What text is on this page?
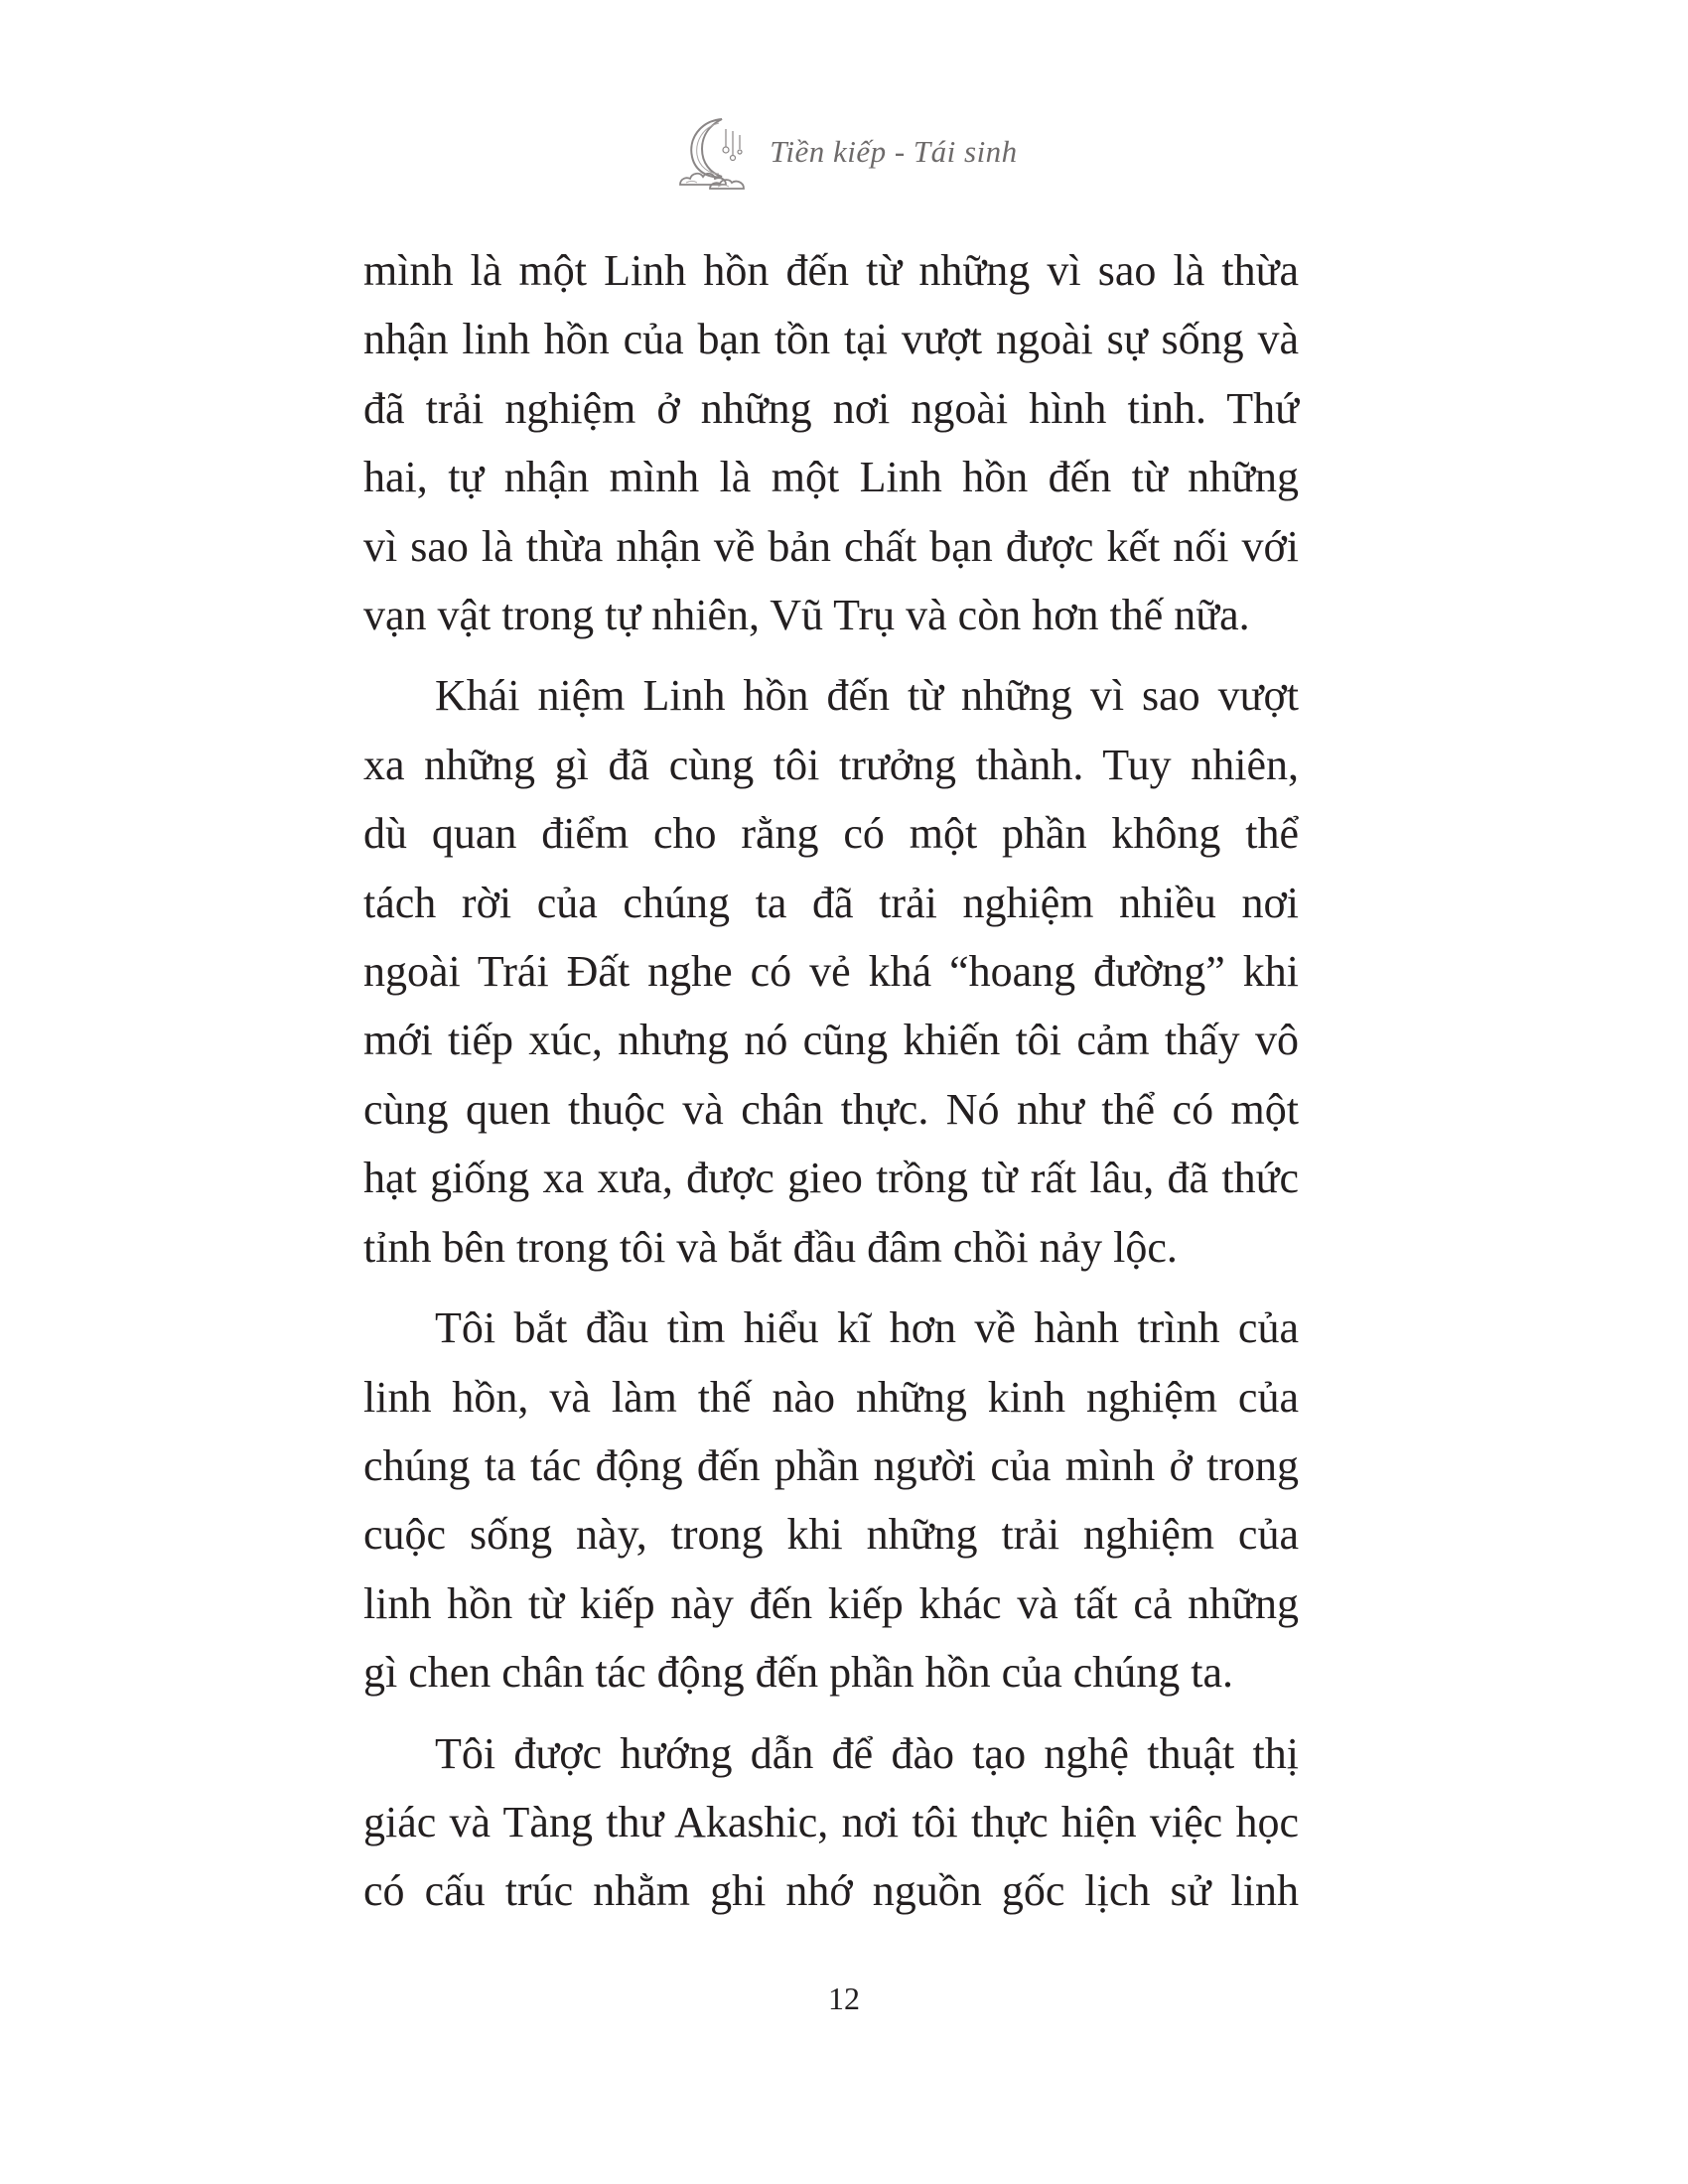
Tiền kiếp - Tái sinh

mình là một Linh hồn đến từ những vì sao là thừa
nhận linh hồn của bạn tồn tại vượt ngoài sự sống và
đã trải nghiệm ở những nơi ngoài hình tinh. Thứ
hai, tự nhận mình là một Linh hồn đến từ những
vì sao là thừa nhận về bản chất bạn được kết nối với
vạn vật trong tự nhiên, Vũ Trụ và còn hơn thế nữa.

Khái niệm Linh hồn đến từ những vì sao vượt
xa những gì đã cùng tôi trưởng thành. Tuy nhiên,
dù quan điểm cho rằng có một phần không thể
tách rời của chúng ta đã trải nghiệm nhiều nơi
ngoài Trái Đất nghe có vẻ khá “hoang đường” khi
mới tiếp xúc, nhưng nó cũng khiến tôi cảm thấy vô
cùng quen thuộc và chân thực. Nó như thể có một
hạt giống xa xưa, được gieo trồng từ rất lâu, đã thức
tỉnh bên trong tôi và bắt đầu đâm chồi nảy lộc.

Tôi bắt đầu tìm hiểu kĩ hơn về hành trình của
linh hồn, và làm thế nào những kinh nghiệm của
chúng ta tác động đến phần người của mình ở trong
cuộc sống này, trong khi những trải nghiệm của
linh hồn từ kiếp này đến kiếp khác và tất cả những
gì chen chân tác động đến phần hồn của chúng ta.

Tôi được hướng dẫn để đào tạo nghệ thuật thị
giác và Tàng thư Akashic, nơi tôi thực hiện việc học
có cấu trúc nhằm ghi nhớ nguồn gốc lịch sử linh

12
